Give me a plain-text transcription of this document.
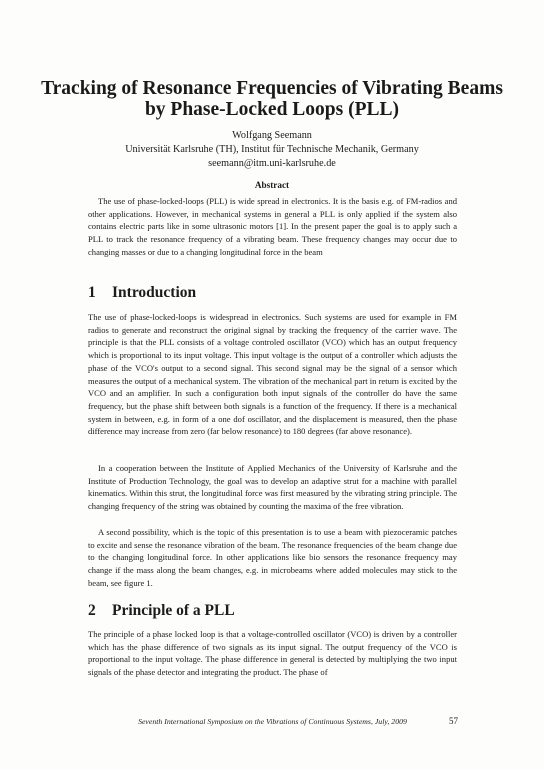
Tracking of Resonance Frequencies of Vibrating Beams
by Phase-Locked Loops (PLL)
Wolfgang Seemann
Universität Karlsruhe (TH), Institut für Technische Mechanik, Germany
seemann@itm.uni-karlsruhe.de
Abstract

The use of phase-locked-loops (PLL) is wide spread in electronics. It is the basis e.g. of FM-radios and other applications. However, in mechanical systems in general a PLL is only applied if the system also contains electric parts like in some ultrasonic motors [1]. In the present paper the goal is to apply such a PLL to track the resonance frequency of a vibrating beam. These frequency changes may occur due to changing masses or due to a changing longitudinal force in the beam

1 Introduction

The use of phase-locked-loops is widespread in electronics. Such systems are used for example in FM radios to generate and reconstruct the original signal by tracking the frequency of the carrier wave. The principle is that the PLL consists of a voltage controled oscillator (VCO) which has an output frequency which is proportional to its input voltage. This input voltage is the output of a controller which adjusts the phase of the VCO's output to a second signal. This second signal may be the signal of a sensor which measures the output of a mechanical system. The vibration of the mechanical part in return is excited by the VCO and an amplifier. In such a configuration both input signals of the controller do have the same frequency, but the phase shift between both signals is a function of the frequency. If there is a mechanical system in between, e.g. in form of a one dof oscillator, and the displacement is measured, then the phase difference may increase from zero (far below resonance) to 180 degrees (far above resonance).

In a cooperation between the Institute of Applied Mechanics of the University of Karlsruhe and the Institute of Production Technology, the goal was to develop an adaptive strut for a machine with parallel kinematics. Within this strut, the longitudinal force was first measured by the vibrating string principle. The changing frequency of the string was obtained by counting the maxima of the free vibration.

A second possibility, which is the topic of this presentation is to use a beam with piezoceramic patches to excite and sense the resonance vibration of the beam. The resonance frequencies of the beam change due to the changing longitudinal force. In other applications like bio sensors the resonance frequency may change if the mass along the beam changes, e.g. in microbeams where added molecules may stick to the beam, see figure 1.

2 Principle of a PLL

The principle of a phase locked loop is that a voltage-controlled oscillator (VCO) is driven by a controller which has the phase difference of two signals as its input signal. The output frequency of the VCO is proportional to the input voltage. The phase difference in general is detected by multiplying the two input signals of the phase detector and integrating the product. The phase of

Seventh International Symposium on the Vibrations of Continuous Systems, July, 2009	57
